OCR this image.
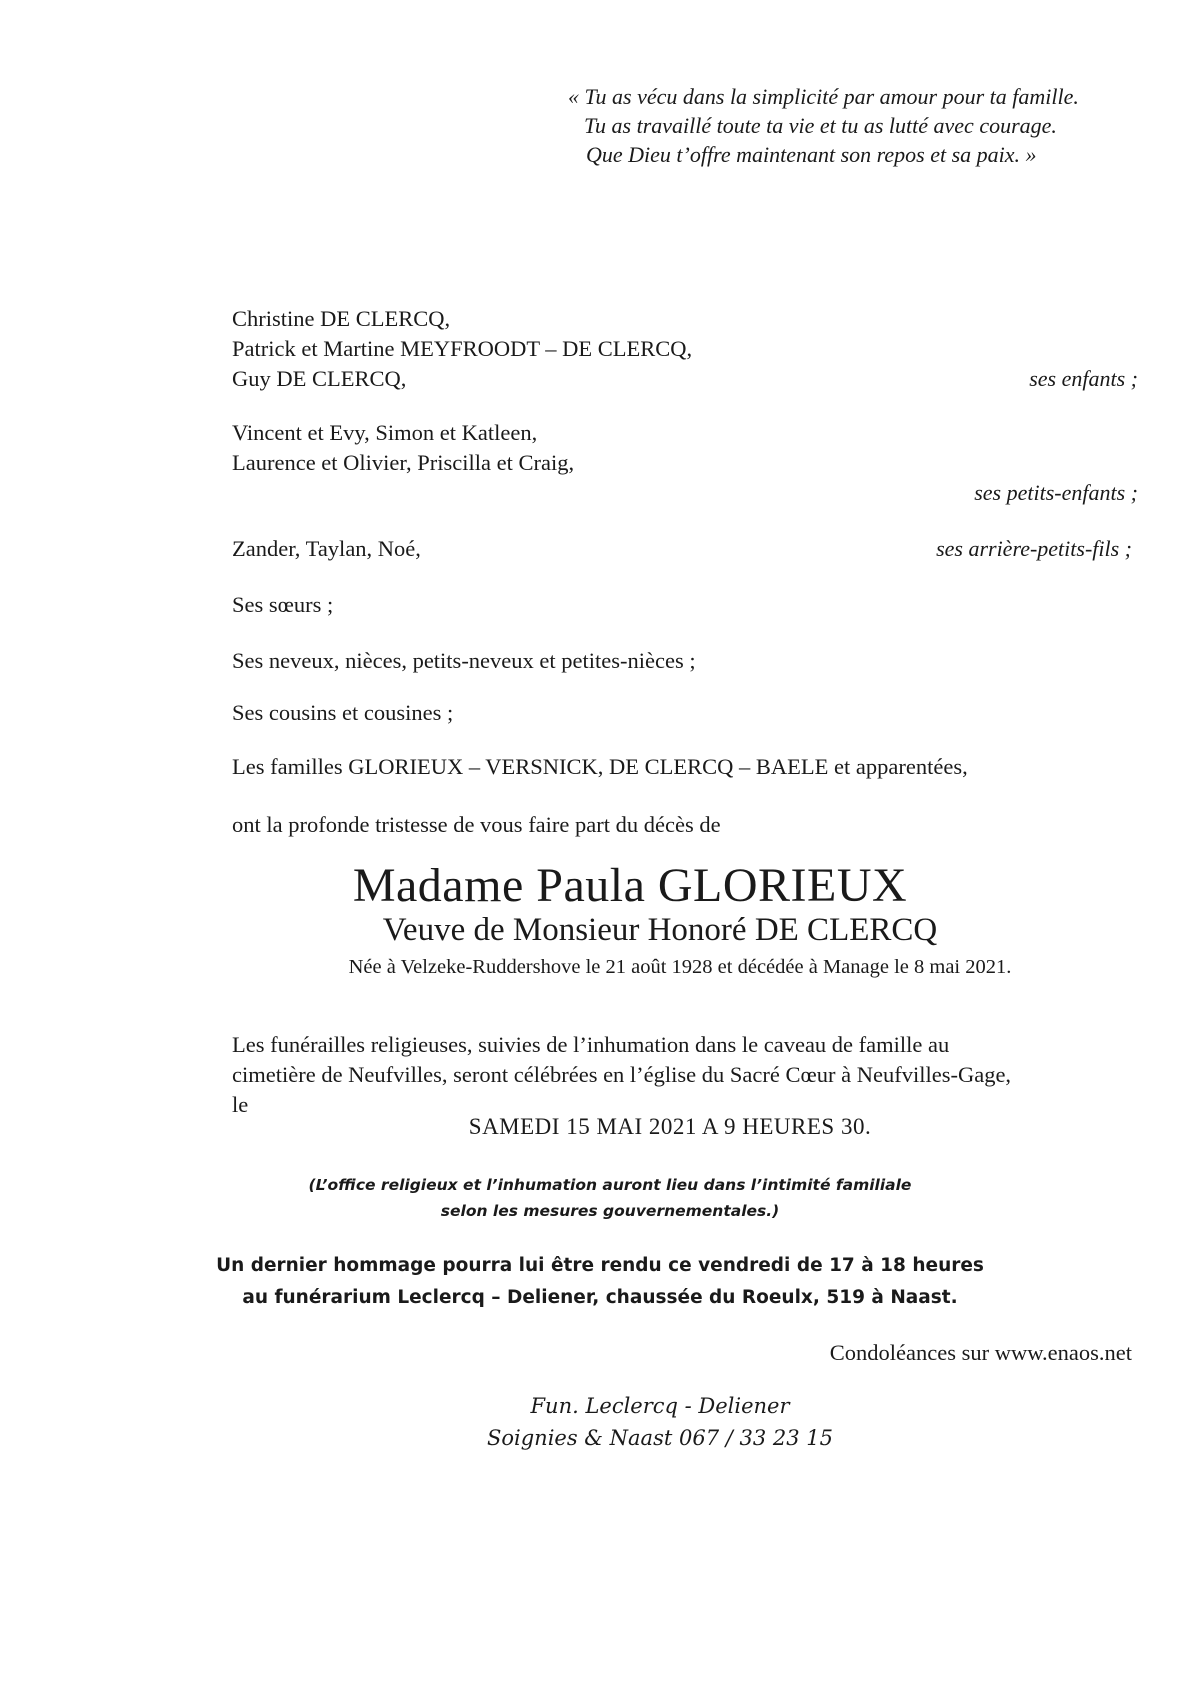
« Tu as vécu dans la simplicité par amour pour ta famille.
Tu as travaillé toute ta vie et tu as lutté avec courage.
Que Dieu t’offre maintenant son repos et sa paix. »
Christine DE CLERCQ,
Patrick et Martine MEYFROODT – DE CLERCQ,
Guy DE CLERCQ,	ses enfants ;
Vincent et Evy, Simon et Katleen,
Laurence et Olivier, Priscilla et Craig,
ses petits-enfants ;
Zander, Taylan, Noé,	ses arrière-petits-fils ;
Ses sœurs ;
Ses neveux, nièces, petits-neveux et petites-nièces ;
Ses cousins et cousines ;
Les familles GLORIEUX – VERSNICK, DE CLERCQ – BAELE et apparentées,
ont la profonde tristesse de vous faire part du décès de
Madame Paula GLORIEUX
Veuve de Monsieur Honoré DE CLERCQ
Née à Velzeke-Ruddershove le 21 août 1928 et décédée à Manage le 8 mai 2021.
Les funérailles religieuses, suivies de l’inhumation dans le caveau de famille au
cimetière de Neufvilles, seront célébrées en l’église du Sacré Cœur à Neufvilles-Gage,
le
SAMEDI 15 MAI 2021 A 9 HEURES 30.
(L’office religieux et l’inhumation auront lieu dans l’intimité familiale
selon les mesures gouvernementales.)
Un dernier hommage pourra lui être rendu ce vendredi de 17 à 18 heures
au funérarium Leclercq – Deliener, chaussée du Roeulx, 519 à Naast.
Condoléances sur www.enaos.net
Fun. Leclercq - Deliener
Soignies & Naast 067 / 33 23 15
